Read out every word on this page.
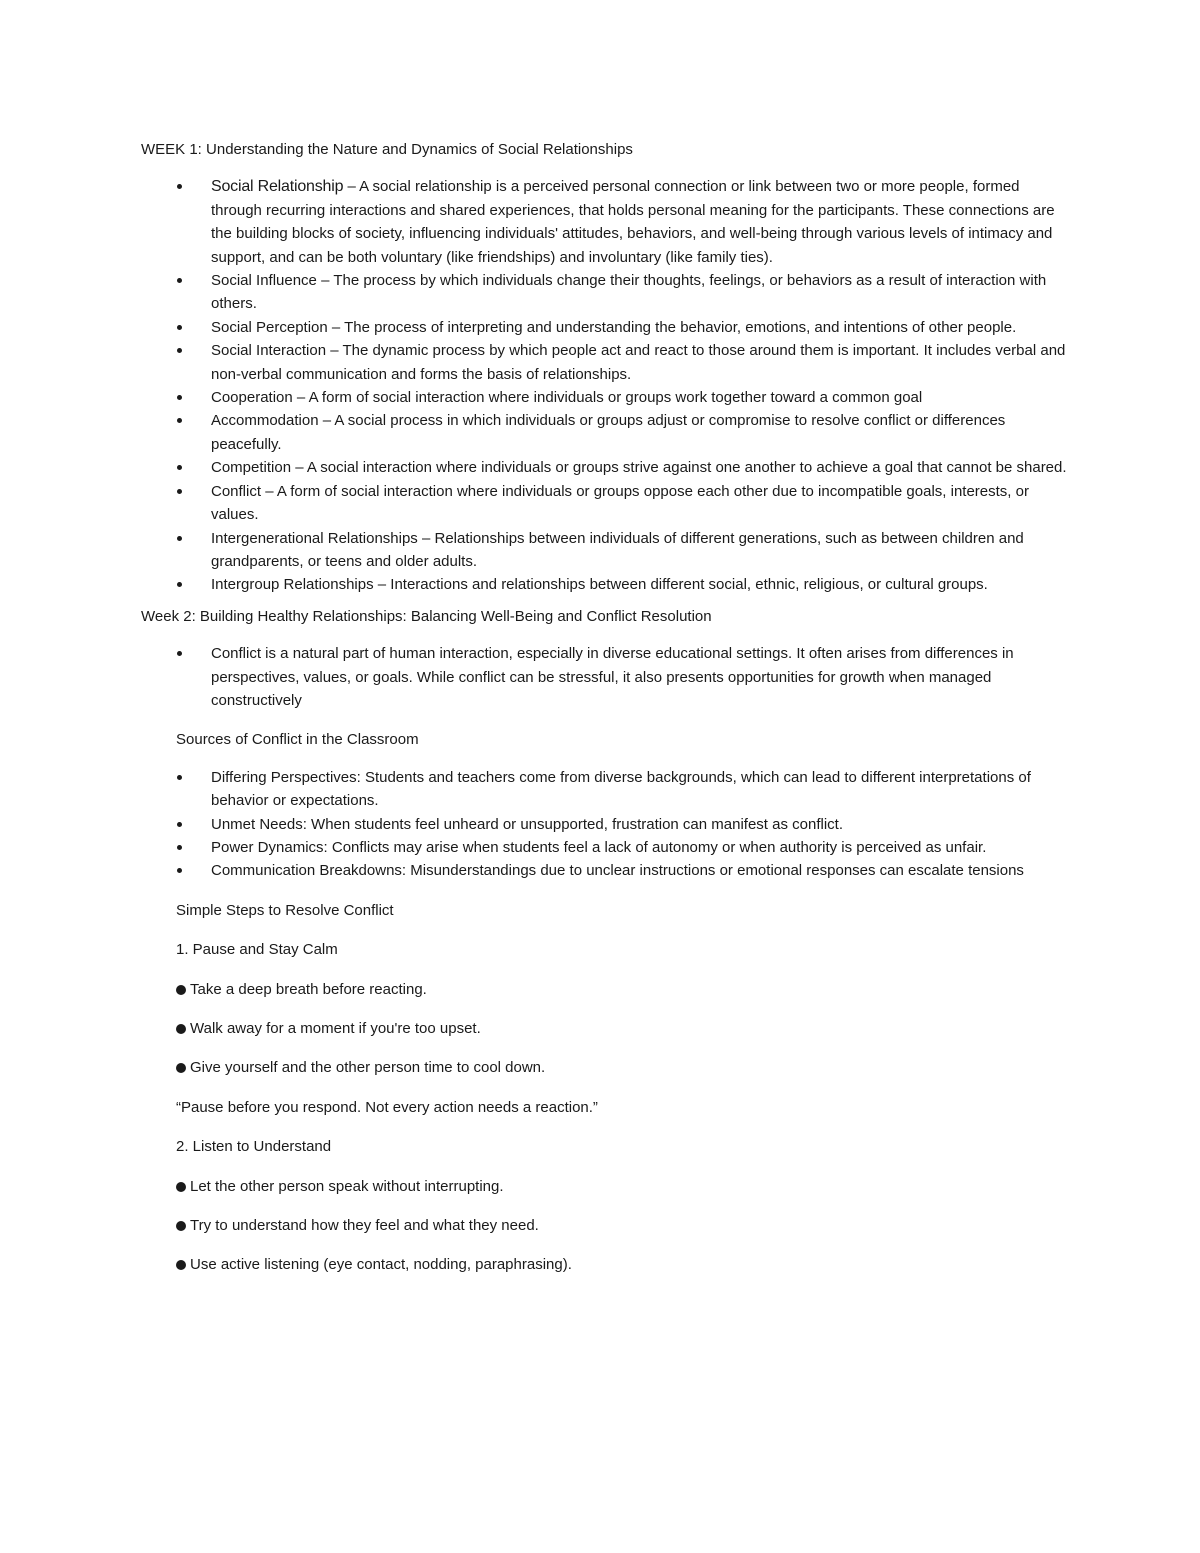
WEEK 1: Understanding the Nature and Dynamics of Social Relationships
Social Relationship – A social relationship is a perceived personal connection or link between two or more people, formed through recurring interactions and shared experiences, that holds personal meaning for the participants. These connections are the building blocks of society, influencing individuals' attitudes, behaviors, and well-being through various levels of intimacy and support, and can be both voluntary (like friendships) and involuntary (like family ties).
Social Influence – The process by which individuals change their thoughts, feelings, or behaviors as a result of interaction with others.
Social Perception – The process of interpreting and understanding the behavior, emotions, and intentions of other people.
Social Interaction – The dynamic process by which people act and react to those around them is important. It includes verbal and non-verbal communication and forms the basis of relationships.
Cooperation – A form of social interaction where individuals or groups work together toward a common goal
Accommodation – A social process in which individuals or groups adjust or compromise to resolve conflict or differences peacefully.
Competition – A social interaction where individuals or groups strive against one another to achieve a goal that cannot be shared.
Conflict – A form of social interaction where individuals or groups oppose each other due to incompatible goals, interests, or values.
Intergenerational Relationships – Relationships between individuals of different generations, such as between children and grandparents, or teens and older adults.
Intergroup Relationships – Interactions and relationships between different social, ethnic, religious, or cultural groups.
Week 2: Building Healthy Relationships: Balancing Well-Being and Conflict Resolution
Conflict is a natural part of human interaction, especially in diverse educational settings. It often arises from differences in perspectives, values, or goals. While conflict can be stressful, it also presents opportunities for growth when managed constructively
Sources of Conflict in the Classroom
Differing Perspectives: Students and teachers come from diverse backgrounds, which can lead to different interpretations of behavior or expectations.
Unmet Needs: When students feel unheard or unsupported, frustration can manifest as conflict.
Power Dynamics: Conflicts may arise when students feel a lack of autonomy or when authority is perceived as unfair.
Communication Breakdowns: Misunderstandings due to unclear instructions or emotional responses can escalate tensions
Simple Steps to Resolve Conflict
1. Pause and Stay Calm
Take a deep breath before reacting.
Walk away for a moment if you're too upset.
Give yourself and the other person time to cool down.
“Pause before you respond. Not every action needs a reaction.”
2. Listen to Understand
Let the other person speak without interrupting.
Try to understand how they feel and what they need.
Use active listening (eye contact, nodding, paraphrasing).
